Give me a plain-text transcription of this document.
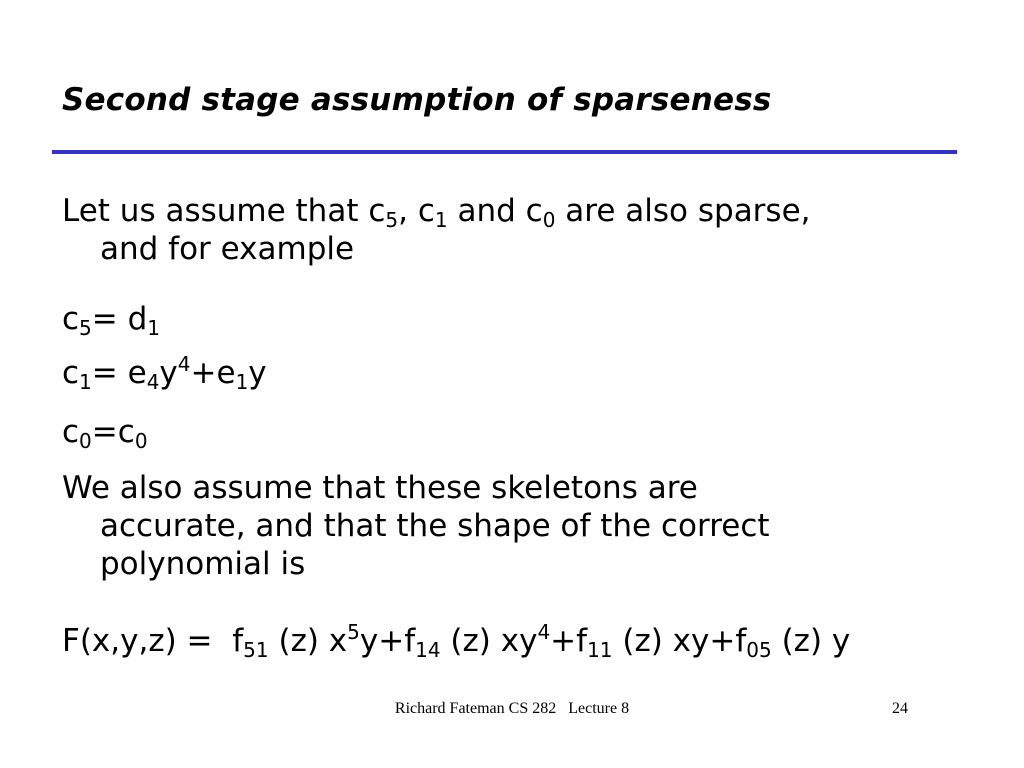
Second stage assumption of sparseness
Let us assume that $c_5$, $c_1$ and $c_0$ are also sparse,
and for example
$c_5= d_1$
$c_1= e_4y^4+e_1y$
$c_0=c_0$
We also assume that these skeletons are
accurate, and that the shape of the correct
polynomial is
$F(x,y,z) = f_{51}$ (z) $x^5y+f_{14}$ (z) $xy^4+f_{11}$ (z) $xy+f_{05}$ (z) y
Richard Fateman CS 282   Lecture 8	24
